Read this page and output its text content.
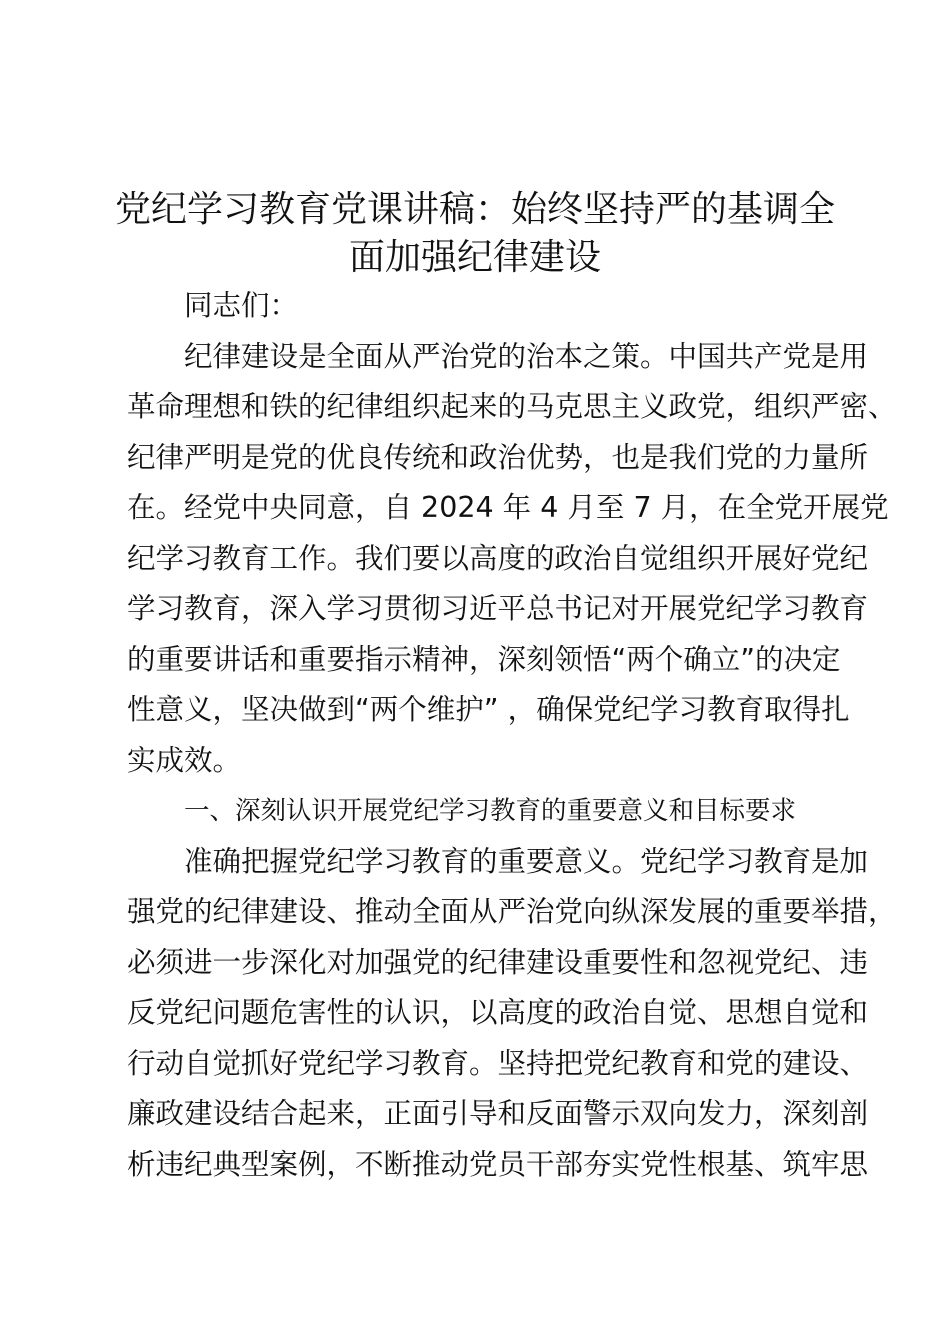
党纪学习教育党课讲稿：始终坚持严的基调全
面加强纪律建设
同志们：
纪律建设是全面从严治党的治本之策。中国共产党是用
革命理想和铁的纪律组织起来的马克思主义政党，组织严密、
纪律严明是党的优良传统和政治优势，也是我们党的力量所
在。经党中央同意，自 2024 年 4 月至 7 月，在全党开展党
纪学习教育工作。我们要以高度的政治自觉组织开展好党纪
学习教育，深入学习贯彻习近平总书记对开展党纪学习教育
的重要讲话和重要指示精神，深刻领悟“两个确立”的决定
性意义，坚决做到“两个维护” ，确保党纪学习教育取得扎
实成效。
一、深刻认识开展党纪学习教育的重要意义和目标要求
准确把握党纪学习教育的重要意义。党纪学习教育是加
强党的纪律建设、推动全面从严治党向纵深发展的重要举措，
必须进一步深化对加强党的纪律建设重要性和忽视党纪、违
反党纪问题危害性的认识，以高度的政治自觉、思想自觉和
行动自觉抓好党纪学习教育。坚持把党纪教育和党的建设、
廉政建设结合起来，正面引导和反面警示双向发力，深刻剖
析违纪典型案例，不断推动党员干部夯实党性根基、筑牢思
